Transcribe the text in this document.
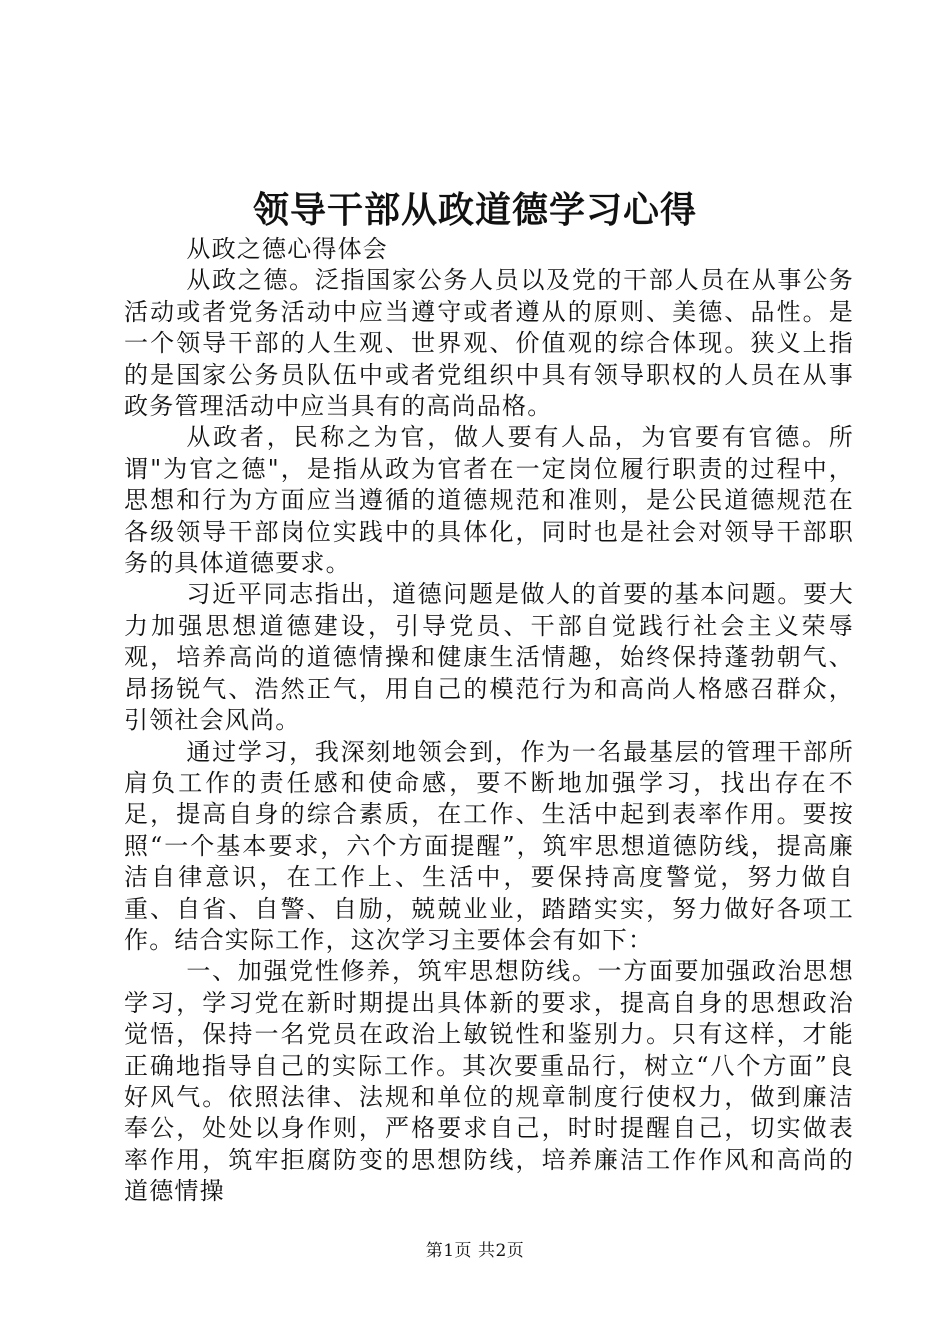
领导干部从政道德学习心得

从政之德心得体会

从政之德。泛指国家公务人员以及党的干部人员在从事公务活动或者党务活动中应当遵守或者遵从的原则、美德、品性。是一个领导干部的人生观、世界观、价值观的综合体现。狭义上指的是国家公务员队伍中或者党组织中具有领导职权的人员在从事政务管理活动中应当具有的高尚品格。

从政者，民称之为官，做人要有人品，为官要有官德。所谓"为官之德"，是指从政为官者在一定岗位履行职责的过程中，思想和行为方面应当遵循的道德规范和准则，是公民道德规范在各级领导干部岗位实践中的具体化，同时也是社会对领导干部职务的具体道德要求。

习近平同志指出，道德问题是做人的首要的基本问题。要大力加强思想道德建设，引导党员、干部自觉践行社会主义荣辱观，培养高尚的道德情操和健康生活情趣，始终保持蓬勃朝气、昂扬锐气、浩然正气，用自己的模范行为和高尚人格感召群众，引领社会风尚。

通过学习，我深刻地领会到，作为一名最基层的管理干部所肩负工作的责任感和使命感，要不断地加强学习，找出存在不足，提高自身的综合素质，在工作、生活中起到表率作用。要按照“一个基本要求，六个方面提醒”，筑牢思想道德防线，提高廉洁自律意识，在工作上、生活中，要保持高度警觉，努力做自重、自省、自警、自励，兢兢业业，踏踏实实，努力做好各项工作。结合实际工作，这次学习主要体会有如下：

一、加强党性修养，筑牢思想防线。一方面要加强政治思想学习，学习党在新时期提出具体新的要求，提高自身的思想政治觉悟，保持一名党员在政治上敏锐性和鉴别力。只有这样，才能正确地指导自己的实际工作。其次要重品行，树立“八个方面”良好风气。依照法律、法规和单位的规章制度行使权力，做到廉洁奉公，处处以身作则，严格要求自己，时时提醒自己，切实做表率作用，筑牢拒腐防变的思想防线，培养廉洁工作作风和高尚的道德情操

第1页 共2页
